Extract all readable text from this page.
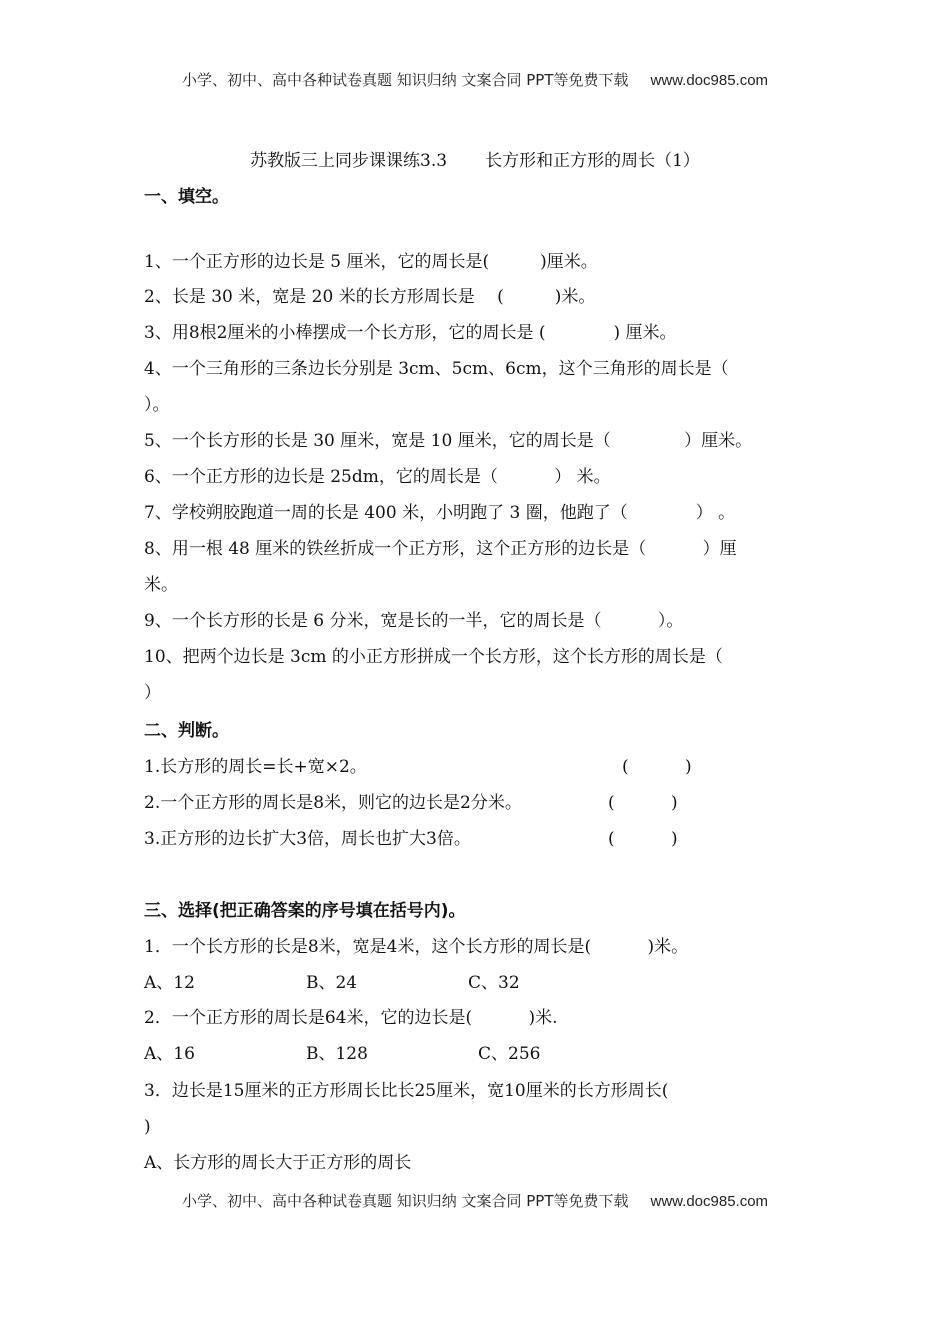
小学、初中、高中各种试卷真题 知识归纳 文案合同 PPT等免费下载 www.doc985.com
苏教版三上同步课课练3.3 长方形和正方形的周长（1）
一、填空。
1、一个正方形的边长是 5 厘米，它的周长是(　　　)厘米。
2、长是 30 米，宽是 20 米的长方形周长是　 (　　　)米。
3、用8根2厘米的小棒摆成一个长方形，它的周长是 (　　　　) 厘米。
4、一个三角形的三条边长分别是 3cm、5cm、6cm，这个三角形的周长是（
）。
5、一个长方形的长是 30 厘米，宽是 10 厘米，它的周长是（　　　　 ）厘米。
6、一个正方形的边长是 25dm，它的周长是（　　　 ） 米。
7、学校朔胶跑道一周的长是 400 米，小明跑了 3 圈，他跑了（　　　　） 。
8、用一根 48 厘米的铁丝折成一个正方形，这个正方形的边长是（　　　 ）厘
米。
9、一个长方形的长是 6 分米，宽是长的一半，它的周长是（　　　 ）。
10、把两个边长是 3cm 的小正方形拼成一个长方形，这个长方形的周长是（
）
二、判断。
1.长方形的周长=长+宽×2。	(　　　 )
2.一个正方形的周长是8米，则它的边长是2分米。	(　　　 )
3.正方形的边长扩大3倍，周长也扩大3倍。	(　　　 )
三、选择(把正确答案的序号填在括号内)。
1．一个长方形的长是8米，宽是4米，这个长方形的周长是(　　　 )米。
A、12	B、24	C、32
2．一个正方形的周长是64米，它的边长是(　　　 )米.
A、16	B、128	C、256
3．边长是15厘米的正方形周长比长25厘米，宽10厘米的长方形周长(
)
A、长方形的周长大于正方形的周长
小学、初中、高中各种试卷真题 知识归纳 文案合同 PPT等免费下载 www.doc985.com
